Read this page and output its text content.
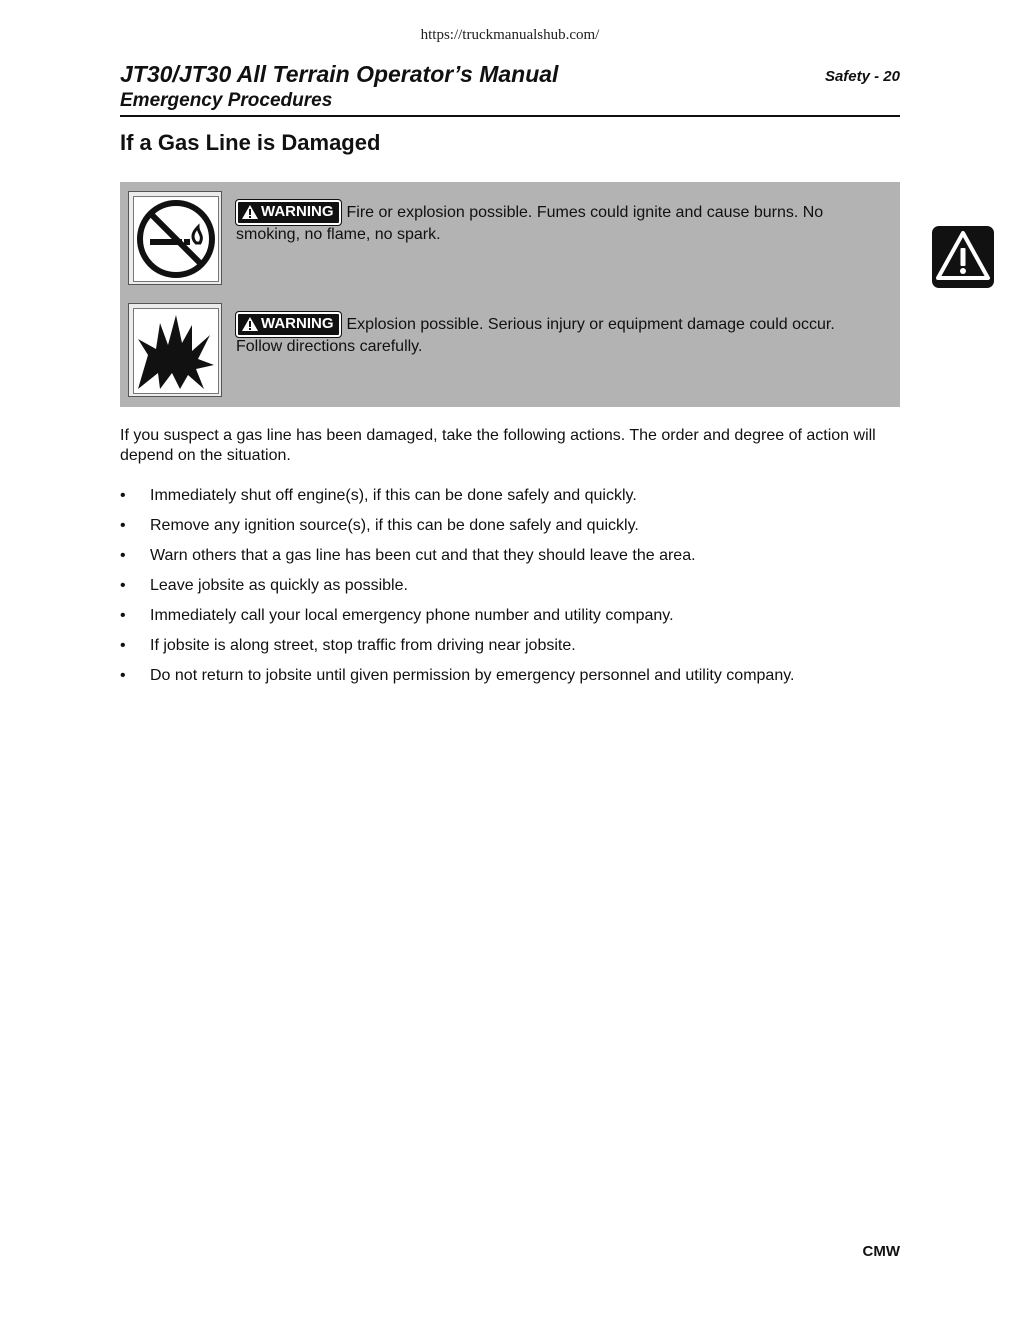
https://truckmanualshub.com/
JT30/JT30 All Terrain Operator’s Manual	Safety - 20
Emergency Procedures
If a Gas Line is Damaged
WARNING Fire or explosion possible. Fumes could ignite and cause burns. No smoking, no flame, no spark.
WARNING Explosion possible. Serious injury or equipment damage could occur. Follow directions carefully.
If you suspect a gas line has been damaged, take the following actions. The order and degree of action will depend on the situation.
• Immediately shut off engine(s), if this can be done safely and quickly.
• Remove any ignition source(s), if this can be done safely and quickly.
• Warn others that a gas line has been cut and that they should leave the area.
• Leave jobsite as quickly as possible.
• Immediately call your local emergency phone number and utility company.
• If jobsite is along street, stop traffic from driving near jobsite.
• Do not return to jobsite until given permission by emergency personnel and utility company.
CMW
